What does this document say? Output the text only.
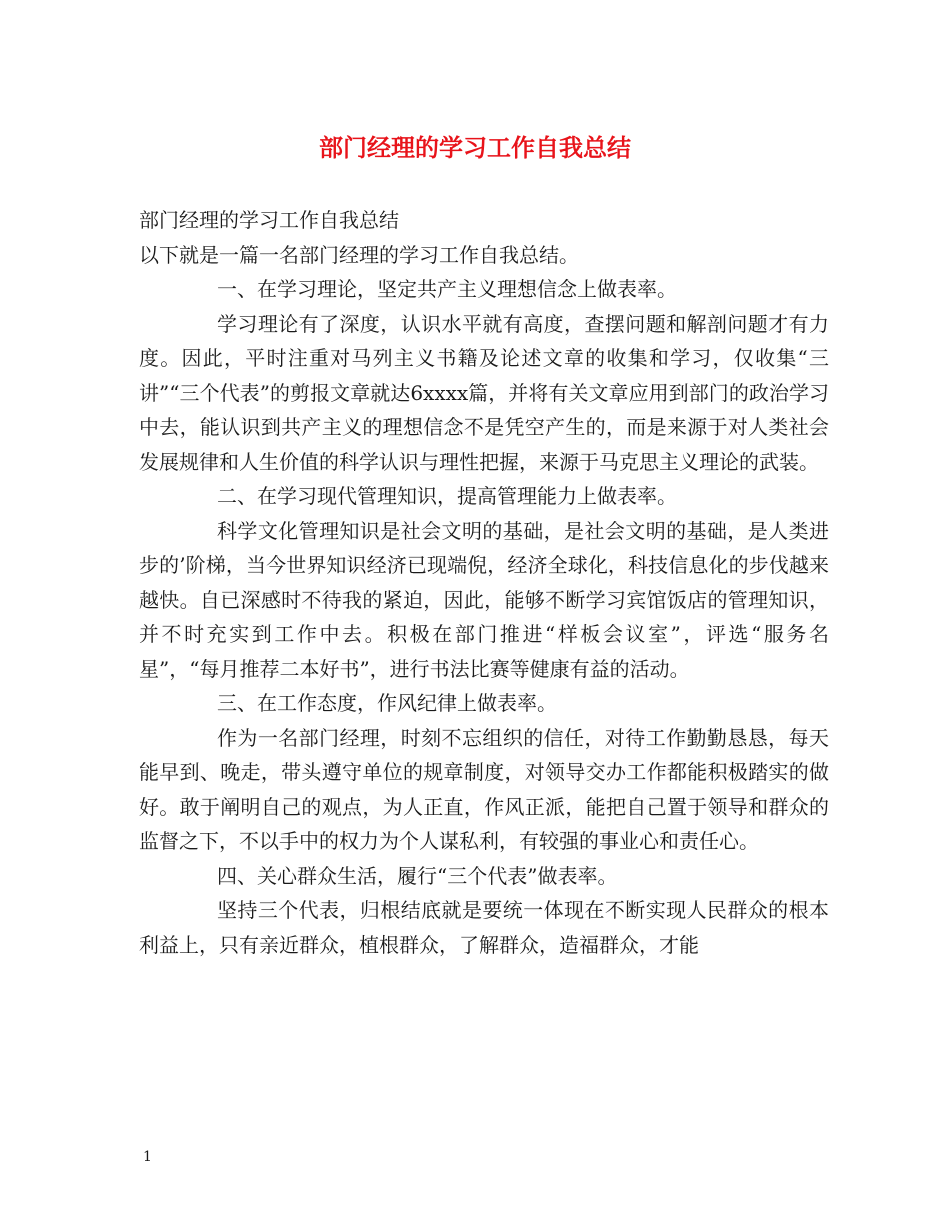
部门经理的学习工作自我总结

部门经理的学习工作自我总结

以下就是一篇一名部门经理的学习工作自我总结。

一、在学习理论，坚定共产主义理想信念上做表率。

学习理论有了深度，认识水平就有高度，查摆问题和解剖问题才有力度。因此，平时注重对马列主义书籍及论述文章的收集和学习，仅收集“三讲”“三个代表”的剪报文章就达6xxxx篇，并将有关文章应用到部门的政治学习中去，能认识到共产主义的理想信念不是凭空产生的，而是来源于对人类社会发展规律和人生价值的科学认识与理性把握，来源于马克思主义理论的武装。

二、在学习现代管理知识，提高管理能力上做表率。

科学文化管理知识是社会文明的基础，是社会文明的基础，是人类进步的’阶梯，当今世界知识经济已现端倪，经济全球化，科技信息化的步伐越来越快。自已深感时不待我的紧迫，因此，能够不断学习宾馆饭店的管理知识，并不时充实到工作中去。积极在部门推进“样板会议室”，评选“服务名星”，“每月推荐二本好书”，进行书法比赛等健康有益的活动。

三、在工作态度，作风纪律上做表率。

作为一名部门经理，时刻不忘组织的信任，对待工作勤勤恳恳，每天能早到、晚走，带头遵守单位的规章制度，对领导交办工作都能积极踏实的做好。敢于阐明自己的观点，为人正直，作风正派，能把自己置于领导和群众的监督之下，不以手中的权力为个人谋私利，有较强的事业心和责任心。

四、关心群众生活，履行“三个代表”做表率。

坚持三个代表，归根结底就是要统一体现在不断实现人民群众的根本利益上，只有亲近群众，植根群众，了解群众，造福群众，才能

1
